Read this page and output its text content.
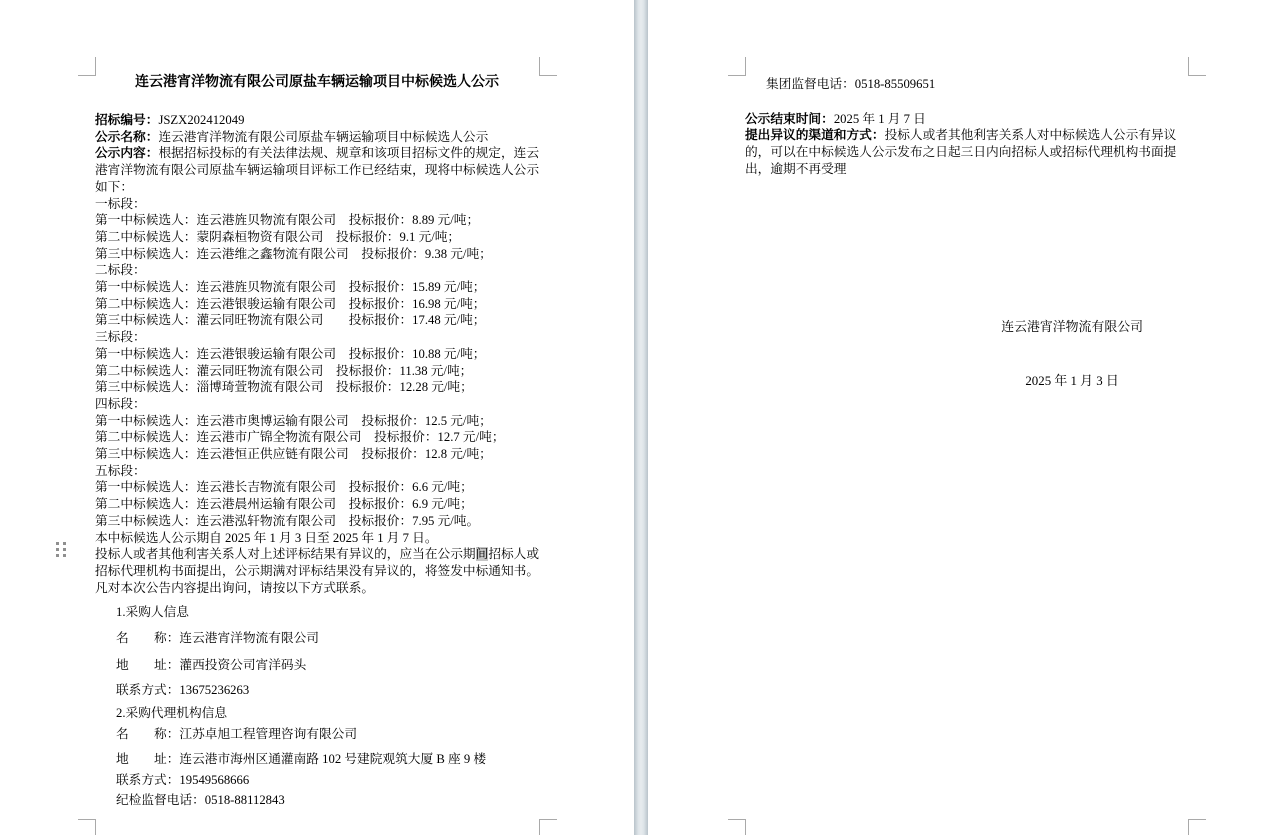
连云港宵洋物流有限公司原盐车辆运输项目中标候选人公示
招标编号：JSZX202412049
公示名称：连云港宵洋物流有限公司原盐车辆运输项目中标候选人公示
公示内容：根据招标投标的有关法律法规、规章和该项目招标文件的规定，连云
港宵洋物流有限公司原盐车辆运输项目评标工作已经结束，现将中标候选人公示
如下：
一标段：
第一中标候选人：连云港旌贝物流有限公司　投标报价：8.89 元/吨；
第二中标候选人：蒙阴森桓物资有限公司　投标报价：9.1 元/吨；
第三中标候选人：连云港维之鑫物流有限公司　投标报价：9.38 元/吨；
二标段：
第一中标候选人：连云港旌贝物流有限公司　投标报价：15.89 元/吨；
第二中标候选人：连云港银骏运输有限公司　投标报价：16.98 元/吨；
第三中标候选人：灌云同旺物流有限公司　　投标报价：17.48 元/吨；
三标段：
第一中标候选人：连云港银骏运输有限公司　投标报价：10.88 元/吨；
第二中标候选人：灌云同旺物流有限公司　投标报价：11.38 元/吨；
第三中标候选人：淄博琦萱物流有限公司　投标报价：12.28 元/吨；
四标段：
第一中标候选人：连云港市奥博运输有限公司　投标报价：12.5 元/吨；
第二中标候选人：连云港市广锦全物流有限公司　投标报价：12.7 元/吨；
第三中标候选人：连云港恒正供应链有限公司　投标报价：12.8 元/吨；
五标段：
第一中标候选人：连云港长吉物流有限公司　投标报价：6.6 元/吨；
第二中标候选人：连云港晨州运输有限公司　投标报价：6.9 元/吨；
第三中标候选人：连云港泓轩物流有限公司　投标报价：7.95 元/吨。
本中标候选人公示期自 2025 年 1 月 3 日至 2025 年 1 月 7 日。
投标人或者其他利害关系人对上述评标结果有异议的，应当在公示期间招标人或
招标代理机构书面提出，公示期满对评标结果没有异议的，将签发中标通知书。
凡对本次公告内容提出询问，请按以下方式联系。
1.采购人信息
名　　称：连云港宵洋物流有限公司
地　　址：灌西投资公司宵洋码头
联系方式：13675236263
2.采购代理机构信息
名　　称：江苏卓旭工程管理咨询有限公司
地　　址：连云港市海州区通灌南路 102 号建院观筑大厦 B 座 9 楼
联系方式：19549568666
纪检监督电话：0518-88112843
集团监督电话：0518-85509651
公示结束时间：2025 年 1 月 7 日
提出异议的渠道和方式：投标人或者其他利害关系人对中标候选人公示有异议
的，可以在中标候选人公示发布之日起三日内向招标人或招标代理机构书面提
出，逾期不再受理

连云港宵洋物流有限公司

2025 年 1 月 3 日
